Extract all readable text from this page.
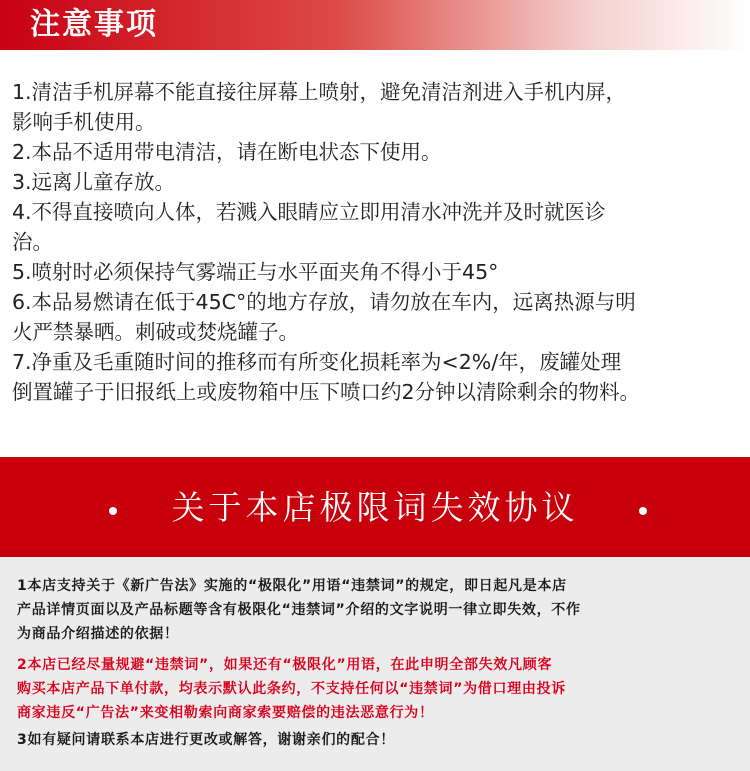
注意事项

1.清洁手机屏幕不能直接往屏幕上喷射，避免清洁剂进入手机内屏，

影响手机使用。

2.本品不适用带电清洁，请在断电状态下使用。

3.远离儿童存放。

4.不得直接喷向人体，若溅入眼睛应立即用清水冲洗并及时就医诊

治。

5.喷射时必须保持气雾端正与水平面夹角不得小于45°

6.本品易燃请在低于45C°的地方存放，请勿放在车内，远离热源与明

火严禁暴晒。刺破或焚烧罐子。

7.净重及毛重随时间的推移而有所变化损耗率为<2%/年，废罐处理

倒置罐子于旧报纸上或废物箱中压下喷口约2分钟以清除剩余的物料。

关于本店极限词失效协议

1本店支持关于《新广告法》实施的“极限化”用语“违禁词”的规定，即日起凡是本店

产品详情页面以及产品标题等含有极限化“违禁词”介绍的文字说明一律立即失效，不作

为商品介绍描述的依据！

2本店已经尽量规避“违禁词”，如果还有“极限化”用语，在此申明全部失效凡顾客

购买本店产品下单付款，均表示默认此条约，不支持任何以“违禁词”为借口理由投诉

商家违反“广告法”来变相勒索向商家索要赔偿的违法恶意行为！

3如有疑问请联系本店进行更改或解答，谢谢亲们的配合！
